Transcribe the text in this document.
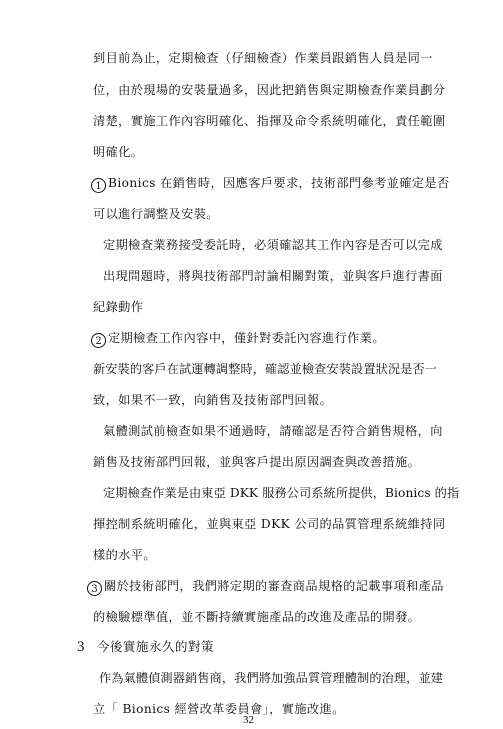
到目前為止，定期檢查（仔細檢查）作業員跟銷售人員是同一
位，由於現場的安裝量過多，因此把銷售與定期檢查作業員劃分
清楚，實施工作內容明確化、指揮及命令系統明確化，責任範圍
明確化。
1 Bionics 在銷售時，因應客戶要求，技術部門參考並確定是否
可以進行調整及安裝。
定期檢查業務接受委託時，必須確認其工作內容是否可以完成
出現問題時，將與技術部門討論相關對策，並與客戶進行書面
紀錄動作
2 定期檢查工作內容中，僅針對委託內容進行作業。
新安裝的客戶在試運轉調整時，確認並檢查安裝設置狀況是否一
致，如果不一致，向銷售及技術部門回報。
氣體測試前檢查如果不通過時，請確認是否符合銷售規格，向
銷售及技術部門回報，並與客戶提出原因調查與改善措施。
定期檢查作業是由東亞 DKK 服務公司系統所提供，Bionics 的指
揮控制系統明確化，並與東亞 DKK 公司的品質管理系統維持同
樣的水平。
3 關於技術部門，我們將定期的審查商品規格的記載事項和產品
的檢驗標準值，並不斷持續實施產品的改進及產品的開發。
3 今後實施永久的對策
作為氣體偵測器銷售商，我們將加強品質管理體制的治理，並建
立「 Bionics 經營改革委員會」，實施改進。
32
